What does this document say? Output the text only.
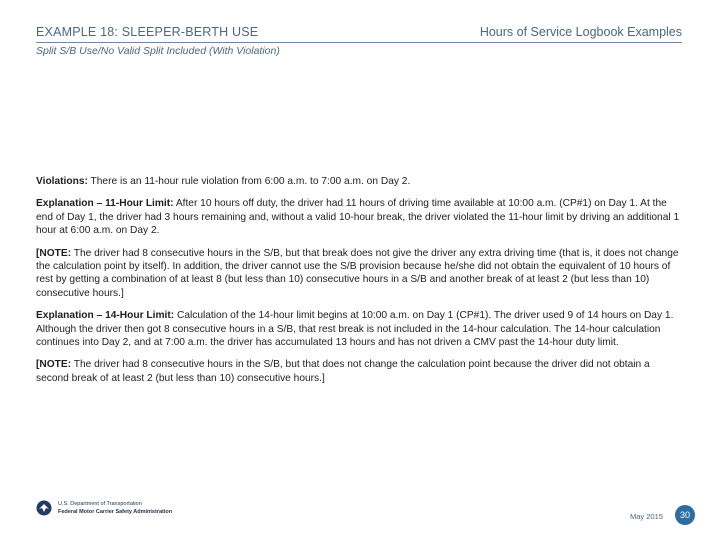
EXAMPLE 18: SLEEPER-BERTH USE	Hours of Service Logbook Examples
Split S/B Use/No Valid Split Included (With Violation)

Violations: There is an 11-hour rule violation from 6:00 a.m. to 7:00 a.m. on Day 2.

Explanation – 11-Hour Limit: After 10 hours off duty, the driver had 11 hours of driving time available at 10:00 a.m. (CP#1) on Day 1. At the end of Day 1, the driver had 3 hours remaining and, without a valid 10-hour break, the driver violated the 11-hour limit by driving an additional 1 hour at 6:00 a.m. on Day 2.

[NOTE: The driver had 8 consecutive hours in the S/B, but that break does not give the driver any extra driving time (that is, it does not change the calculation point by itself). In addition, the driver cannot use the S/B provision because he/she did not obtain the equivalent of 10 hours of rest by getting a combination of at least 8 (but less than 10) consecutive hours in a S/B and another break of at least 2 (but less than 10) consecutive hours.]

Explanation – 14-Hour Limit: Calculation of the 14-hour limit begins at 10:00 a.m. on Day 1 (CP#1). The driver used 9 of 14 hours on Day 1. Although the driver then got 8 consecutive hours in a S/B, that rest break is not included in the 14-hour calculation. The 14-hour calculation continues into Day 2, and at 7:00 a.m. the driver has accumulated 13 hours and has not driven a CMV past the 14-hour duty limit.

[NOTE: The driver had 8 consecutive hours in the S/B, but that does not change the calculation point because the driver did not obtain a second break of at least 2 (but less than 10) consecutive hours.]

U.S. Department of Transportation
Federal Motor Carrier Safety Administration	May 2015	30
